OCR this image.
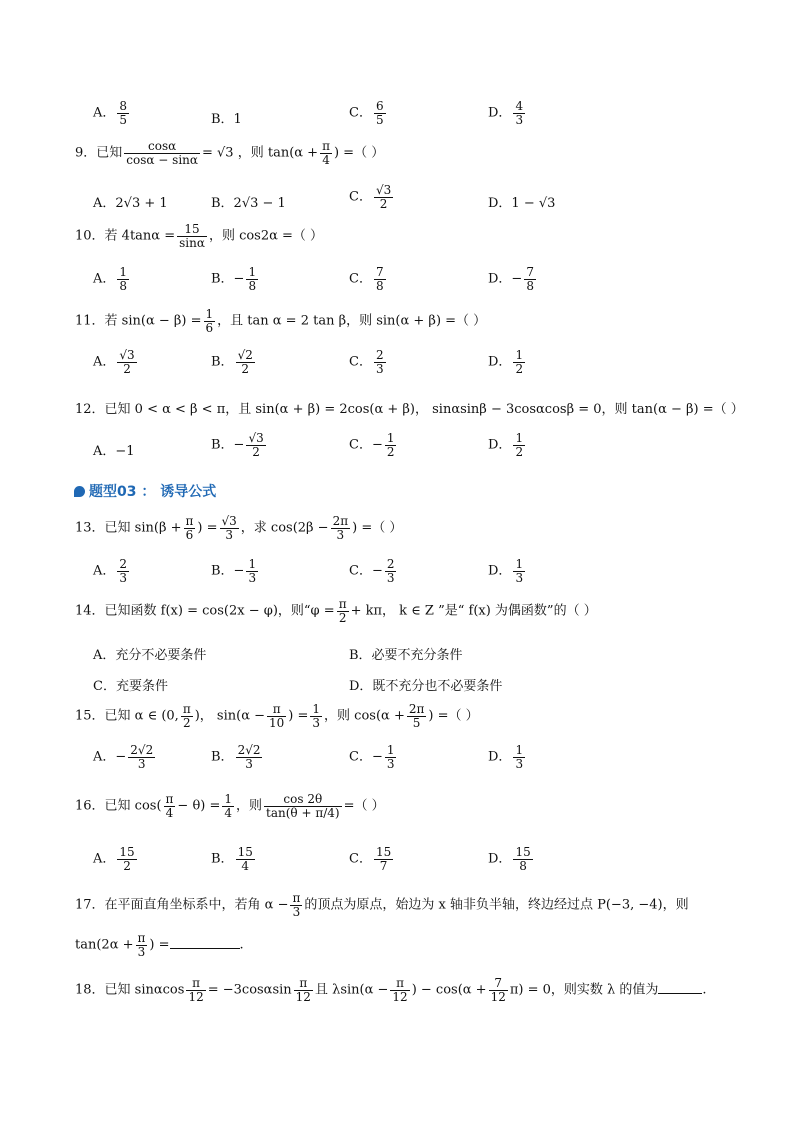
A． $\frac{8}{5}$	B．1	C． $\frac{6}{5}$	D． $\frac{4}{3}$
9．已知 $\frac{\cos\alpha}{\cos\alpha - \sin\alpha} = √3$ ，则 $\tan(\alpha + \frac{\pi}{4}$ ) =（ ）
A．2√3 + 1	B．2√3 − 1	C． $\frac{√3}{2}$	D．1 − √3
10．若 $4\tan\alpha = \frac{15}{\sin\alpha}$ ，则 cos2α =（ ）
A． $\frac{1}{8}$	B．− $\frac{1}{8}$	C． $\frac{7}{8}$	D．− $\frac{7}{8}$
11．若 $\sin(\alpha - \beta) = \frac{1}{6}$ ，且 tan α = 2 tan β，则 sin(α + β) =（ ）
A． $\frac{√3}{2}$	B． $\frac{√2}{2}$	C． $\frac{2}{3}$	D． $\frac{1}{2}$
12．已知 0 < α < β < π，且 sin(α + β) = 2cos(α + β)， sinαsinβ − 3cosαcosβ = 0，则 tan(α − β) =（ ）
A．−1	B．− $\frac{√3}{2}$	C．− $\frac{1}{2}$	D． $\frac{1}{2}$
题型03 ： 诱导公式
13．已知 $\sin(\beta + \frac{\pi}{6}$ ) = $\frac{√3}{3}$ ，求 $\cos(2\beta - \frac{2\pi}{3}$ ) =（ ）
A． $\frac{2}{3}$	B．− $\frac{1}{3}$	C．− $\frac{2}{3}$	D． $\frac{1}{3}$
14．已知函数 f(x) = cos(2x − φ)，则“$\varphi = \frac{\pi}{2} + k\pi$， k ∈ Z ”是“ f(x) 为偶函数”的（ ）
A．充分不必要条件	B．必要不充分条件
C．充要条件	D．既不充分也不必要条件
15．已知 α ∈ (0, $\frac{\pi}{2}$ )， $\sin(\alpha - \frac{\pi}{10}$ ) = $\frac{1}{3}$ ，则 $\cos(\alpha + \frac{2\pi}{5}$ ) =（ ）
A．− $\frac{2√2}{3}$	B． $\frac{2√2}{3}$	C．− $\frac{1}{3}$	D． $\frac{1}{3}$
16．已知 $\cos( \frac{\pi}{4} - \theta) = \frac{1}{4}$ ，则 $\frac{\cos 2\theta}{\tan(\theta + \pi/4)}$ =（ ）
A． $\frac{15}{2}$	B． $\frac{15}{4}$	C． $\frac{15}{7}$	D． $\frac{15}{8}$
17．在平面直角坐标系中，若角 $\alpha - \frac{\pi}{3}$ 的顶点为原点，始边为 x 轴非负半轴，终边经过点 P(−3, −4)，则
$\tan(2\alpha + \frac{\pi}{3}$ ) =	.
18．已知 sinαcos $\frac{\pi}{12} = -3\cos\alpha\sin \frac{\pi}{12}$ 且 $\lambda\sin(\alpha - \frac{\pi}{12}$ ) − $\cos(\alpha + \frac{7}{12} \pi) = 0$，则实数 λ 的值为	.
